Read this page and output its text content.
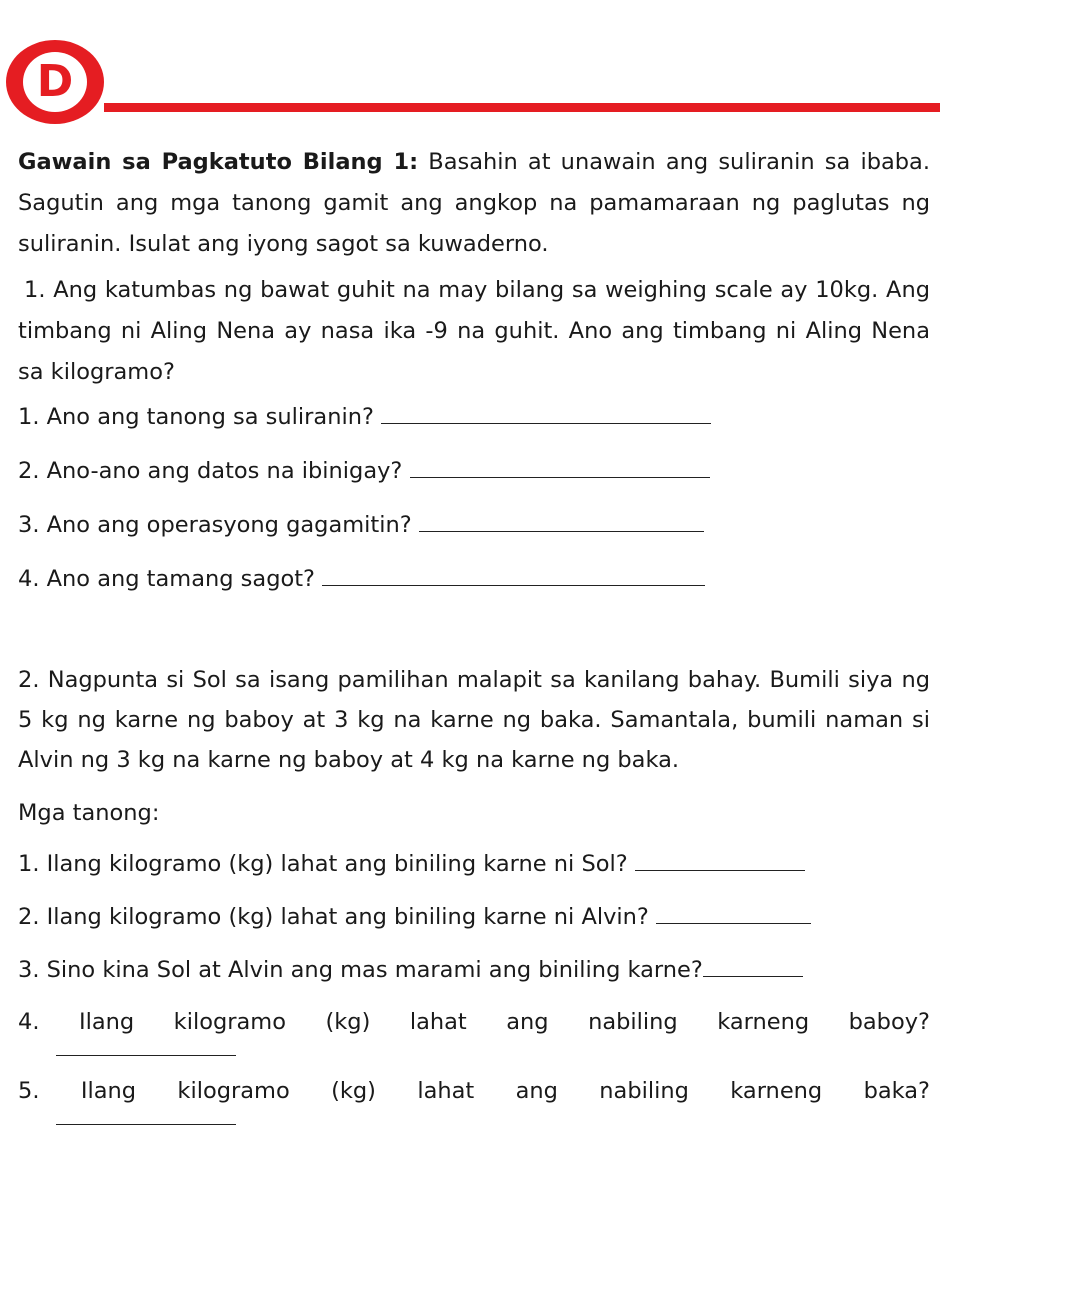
D

Gawain sa Pagkatuto Bilang 1: Basahin at unawain ang suliranin sa ibaba. Sagutin ang mga tanong gamit ang angkop na pamamaraan ng paglutas ng suliranin. Isulat ang iyong sagot sa kuwaderno.

1. Ang katumbas ng bawat guhit na may bilang sa weighing scale ay 10kg. Ang timbang ni Aling Nena ay nasa ika -9 na guhit. Ano ang timbang ni Aling Nena sa kilogramo?

1. Ano ang tanong sa suliranin?

2. Ano-ano ang datos na ibinigay?

3. Ano ang operasyong gagamitin?

4. Ano ang tamang sagot?

2. Nagpunta si Sol sa isang pamilihan malapit sa kanilang bahay. Bumili siya ng 5 kg ng karne ng baboy at 3 kg na karne ng baka. Samantala, bumili naman si Alvin ng 3 kg na karne ng baboy at 4 kg na karne ng baka.

Mga tanong:

1. Ilang kilogramo (kg) lahat ang biniling karne ni Sol?

2. Ilang kilogramo (kg) lahat ang biniling karne ni Alvin?

3. Sino kina Sol at Alvin ang mas marami ang biniling karne?

4. Ilang kilogramo (kg) lahat ang nabiling karneng baboy?

5. Ilang kilogramo (kg) lahat ang nabiling karneng baka?
